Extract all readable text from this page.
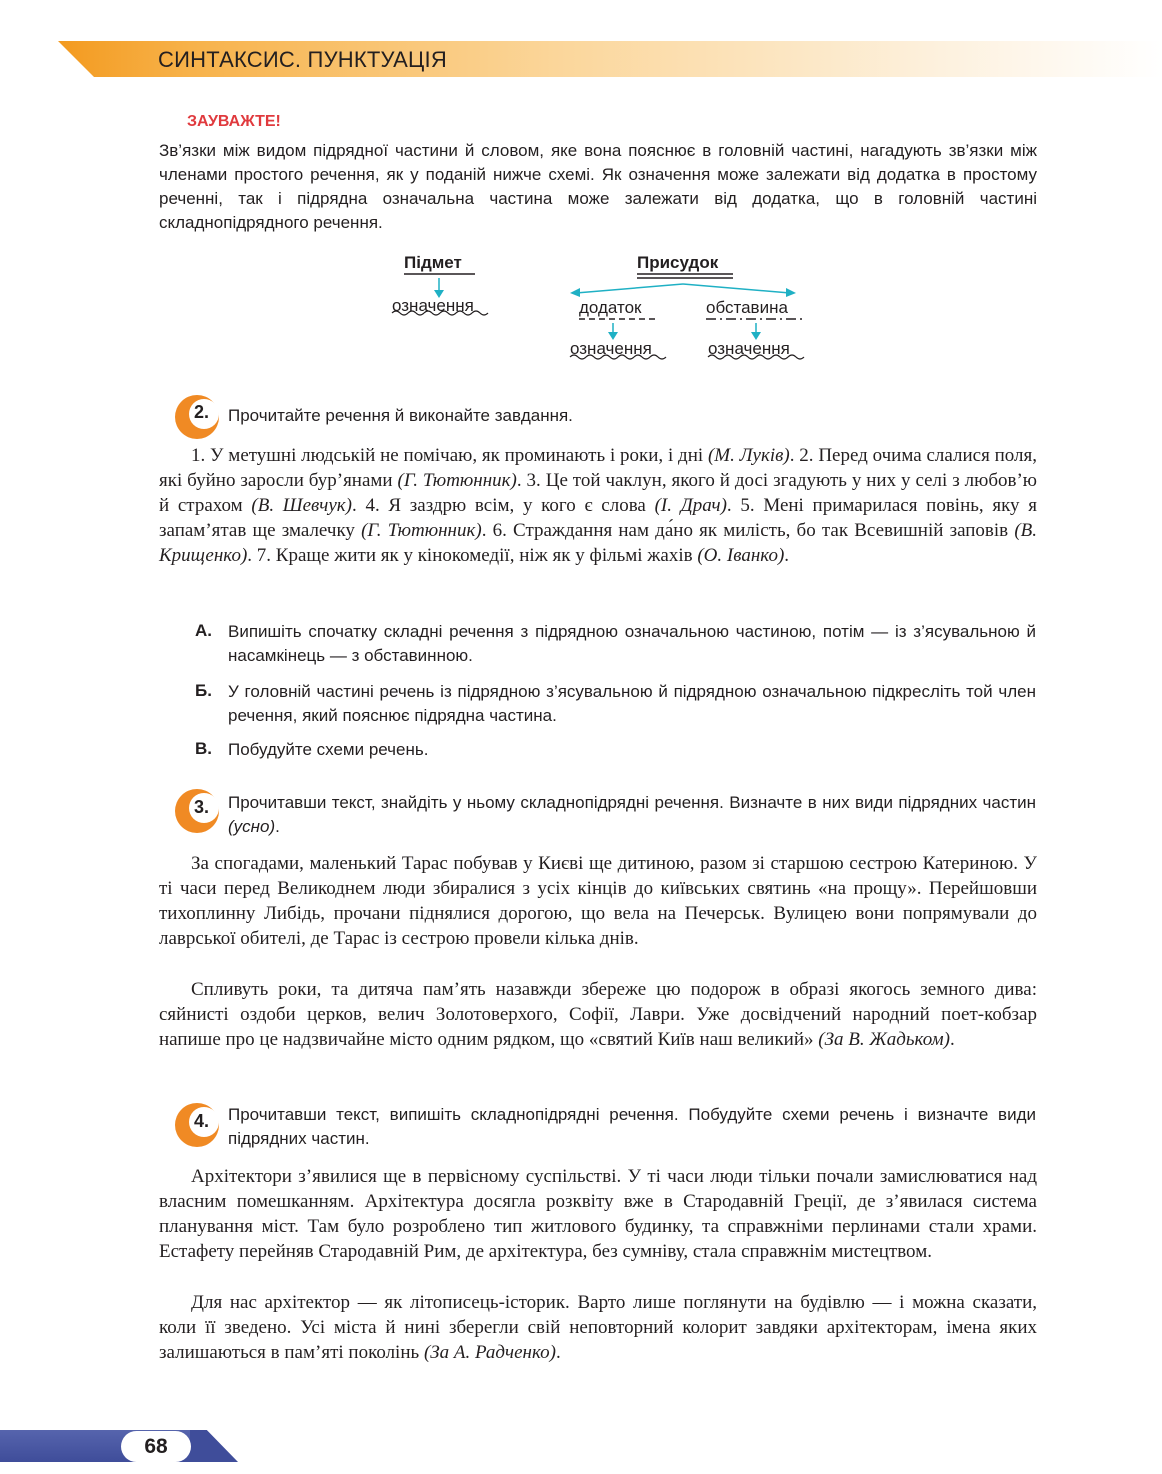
СИНТАКСИС. ПУНКТУАЦІЯ
ЗАУВАЖТЕ!

Зв’язки між видом підрядної частини й словом, яке вона пояснює в головній частині, нагадують зв’язки між членами простого речення, як у поданій нижче схемі. Як означення може залежати від додатка в простому реченні, так і підрядна означальна частина може залежати від додатка, що в головній частині складнопідрядного речення.

Підмет
означення
Присудок
додаток	обставина
означення	означення
2. Прочитайте речення й виконайте завдання.

1. У метушні людській не помічаю, як проминають і роки, і дні (М. Луків). 2. Перед очима слалися поля, які буйно заросли бур’янами (Г. Тютюнник). 3. Це той чаклун, якого й досі згадують у них у селі з любов’ю й страхом (В. Шевчук). 4. Я заздрю всім, у кого є слова (І. Драч). 5. Мені примарилася повінь, яку я запам’ятав ще змалечку (Г. Тютюнник). 6. Страждання нам да́но як милість, бо так Всевишній заповів (В. Крищенко). 7. Краще жити як у кінокомедії, ніж як у фільмі жахів (О. Іванко).

А. Випишіть спочатку складні речення з підрядною означальною частиною, потім — із з’ясувальною й насамкінець — з обставинною.

Б. У головній частині речень із підрядною з’ясувальною й підрядною означальною підкресліть той член речення, який пояснює підрядна частина.

В. Побудуйте схеми речень.

3. Прочитавши текст, знайдіть у ньому складнопідрядні речення. Визначте в них види підрядних частин (усно).

За спогадами, маленький Тарас побував у Києві ще дитиною, разом зі старшою сестрою Катериною. У ті часи перед Великоднем люди збиралися з усіх кінців до київських святинь «на прощу». Перейшовши тихоплинну Либідь, прочани піднялися дорогою, що вела на Печерськ. Вулицею вони попрямували до лаврської обителі, де Тарас із сестрою провели кілька днів.

Спливуть роки, та дитяча пам’ять назавжди збереже цю подорож в образі якогось земного дива: сяйнисті оздоби церков, велич Золотоверхого, Софії, Лаври. Уже досвідчений народний поет-кобзар напише про це надзвичайне місто одним рядком, що «святий Київ наш великий» (За В. Жадьком).

4. Прочитавши текст, випишіть складнопідрядні речення. Побудуйте схеми речень і визначте види підрядних частин.

Архітектори з’явилися ще в первісному суспільстві. У ті часи люди тільки почали замислюватися над власним помешканням. Архітектура досягла розквіту вже в Стародавній Греції, де з’явилася система планування міст. Там було розроблено тип житлового будинку, та справжніми перлинами стали храми. Естафету перейняв Стародавній Рим, де архітектура, без сумніву, стала справжнім мистецтвом.

Для нас архітектор — як літописець-історик. Варто лише поглянути на будівлю — і можна сказати, коли її зведено. Усі міста й нині зберегли свій неповторний колорит завдяки архітекторам, імена яких залишаються в пам’яті поколінь (За А. Радченко).

68
